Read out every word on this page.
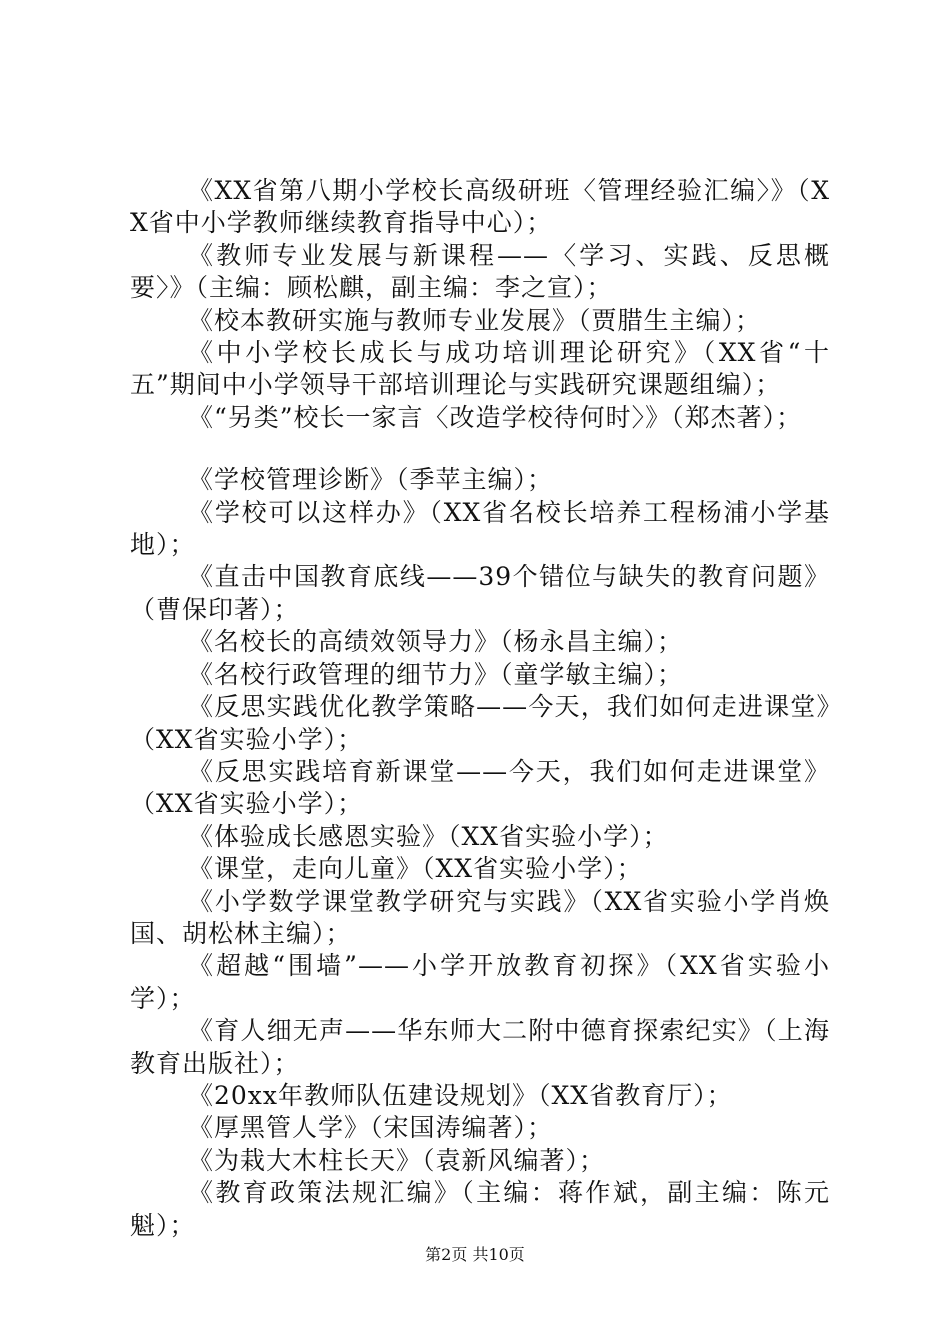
《XX省第八期小学校长高级研班〈管理经验汇编〉》（XX省中小学教师继续教育指导中心）；

《教师专业发展与新课程——〈学习、实践、反思概要〉》（主编：顾松麒，副主编：李之宣）；

《校本教研实施与教师专业发展》（贾腊生主编）；

《中小学校长成长与成功培训理论研究》（XX省“十五”期间中小学领导干部培训理论与实践研究课题组编）；

《“另类”校长一家言〈改造学校待何时〉》（郑杰著）；

《学校管理诊断》（季苹主编）；

《学校可以这样办》（XX省名校长培养工程杨浦小学基地）；

《直击中国教育底线——39个错位与缺失的教育问题》（曹保印著）；

《名校长的高绩效领导力》（杨永昌主编）；

《名校行政管理的细节力》（童学敏主编）；

《反思实践优化教学策略——今天，我们如何走进课堂》（XX省实验小学）；

《反思实践培育新课堂——今天，我们如何走进课堂》（XX省实验小学）；

《体验成长感恩实验》（XX省实验小学）；

《课堂，走向儿童》（XX省实验小学）；

《小学数学课堂教学研究与实践》（XX省实验小学肖焕国、胡松林主编）；

《超越“围墙”——小学开放教育初探》（XX省实验小学）；

《育人细无声——华东师大二附中德育探索纪实》（上海教育出版社）；

《20xx年教师队伍建设规划》（XX省教育厅）；

《厚黑管人学》（宋国涛编著）；

《为栽大木柱长天》（袁新风编著）；

《教育政策法规汇编》（主编：蒋作斌，副主编：陈元魁）；

第2页 共10页
